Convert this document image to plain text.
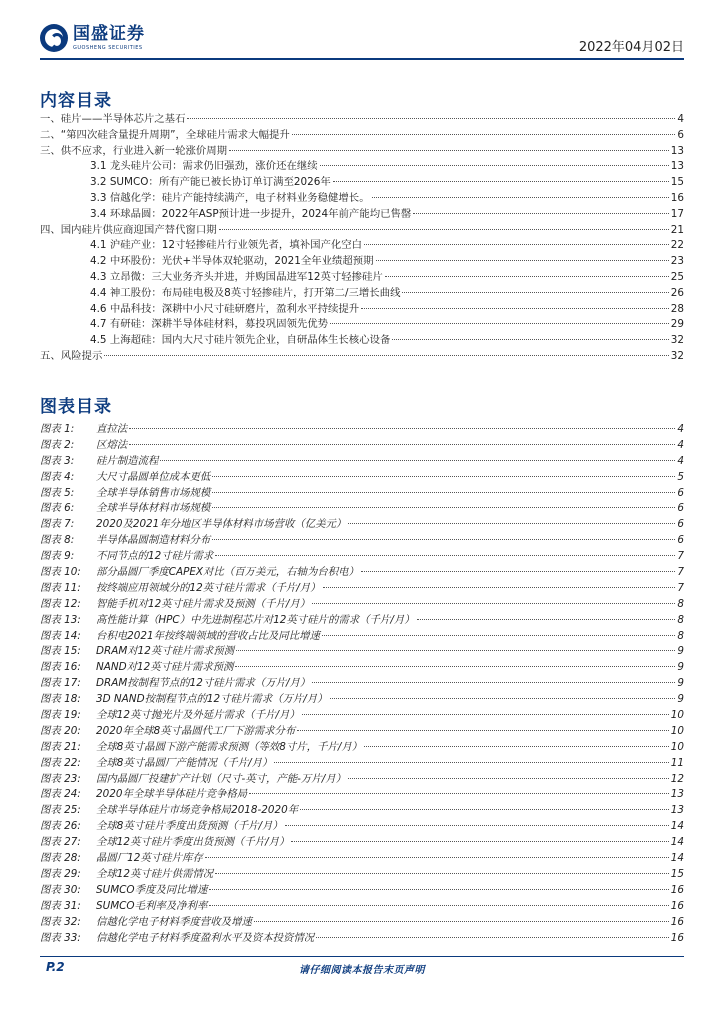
国盛证券
GUOSHENG SECURITIES	2022年04月02日
内容目录
一、硅片——半导体芯片之基石	4
二、“第四次硅含量提升周期”，全球硅片需求大幅提升	6
三、供不应求，行业进入新一轮涨价周期	13
3.1 龙头硅片公司：需求仍旧强劲，涨价还在继续	13
3.2 SUMCO：所有产能已被长协订单订满至2026年	15
3.3 信越化学：硅片产能持续满产，电子材料业务稳健增长。	16
3.4 环球晶圆：2022年ASP预计进一步提升，2024年前产能均已售罄	17
四、国内硅片供应商迎国产替代窗口期	21
4.1 沪硅产业：12寸轻掺硅片行业领先者，填补国产化空白	22
4.2 中环股份：光伏+半导体双轮驱动，2021全年业绩超预期	23
4.3 立昂微：三大业务齐头并进，并购国晶进军12英寸轻掺硅片	25
4.4 神工股份：布局硅电极及8英寸轻掺硅片，打开第二/三增长曲线	26
4.6 中晶科技：深耕中小尺寸硅研磨片，盈利水平持续提升	28
4.7 有研硅：深耕半导体硅材料，募投巩固领先优势	29
4.5 上海超硅：国内大尺寸硅片领先企业，自研晶体生长核心设备	32
五、风险提示	32
图表目录
图表 1:	直拉法	4
图表 2:	区熔法	4
图表 3:	硅片制造流程	4
图表 4:	大尺寸晶圆单位成本更低	5
图表 5:	全球半导体销售市场规模	6
图表 6:	全球半导体材料市场规模	6
图表 7:	2020及2021年分地区半导体材料市场营收（亿美元）	6
图表 8:	半导体晶圆制造材料分布	6
图表 9:	不同节点的12寸硅片需求	7
图表 10:	部分晶圆厂季度CAPEX对比（百万美元，右轴为台积电）	7
图表 11:	按终端应用领域分的12英寸硅片需求（千片/月）	7
图表 12:	智能手机对12英寸硅片需求及预测（千片/月）	8
图表 13:	高性能计算（HPC）中先进制程芯片对12英寸硅片的需求（千片/月）	8
图表 14:	台积电2021年按终端领域的营收占比及同比增速	8
图表 15:	DRAM对12英寸硅片需求预测	9
图表 16:	NAND对12英寸硅片需求预测	9
图表 17:	DRAM按制程节点的12寸硅片需求（万片/月）	9
图表 18:	3D NAND按制程节点的12寸硅片需求（万片/月）	9
图表 19:	全球12英寸抛光片及外延片需求（千片/月）	10
图表 20:	2020年全球8英寸晶圆代工厂下游需求分布	10
图表 21:	全球8英寸晶圆下游产能需求预测（等效8寸片，千片/月）	10
图表 22:	全球8英寸晶圆厂产能情况（千片/月）	11
图表 23:	国内晶圆厂投建扩产计划（尺寸-英寸，产能-万片/月）	12
图表 24:	2020年全球半导体硅片竞争格局	13
图表 25:	全球半导体硅片市场竞争格局2018-2020年	13
图表 26:	全球8英寸硅片季度出货预测（千片/月）	14
图表 27:	全球12英寸硅片季度出货预测（千片/月）	14
图表 28:	晶圆厂12英寸硅片库存	14
图表 29:	全球12英寸硅片供需情况	15
图表 30:	SUMCO季度及同比增速	16
图表 31:	SUMCO毛利率及净利率	16
图表 32:	信越化学电子材料季度营收及增速	16
图表 33:	信越化学电子材料季度盈利水平及资本投资情况	16
P.2	请仔细阅读本报告末页声明
